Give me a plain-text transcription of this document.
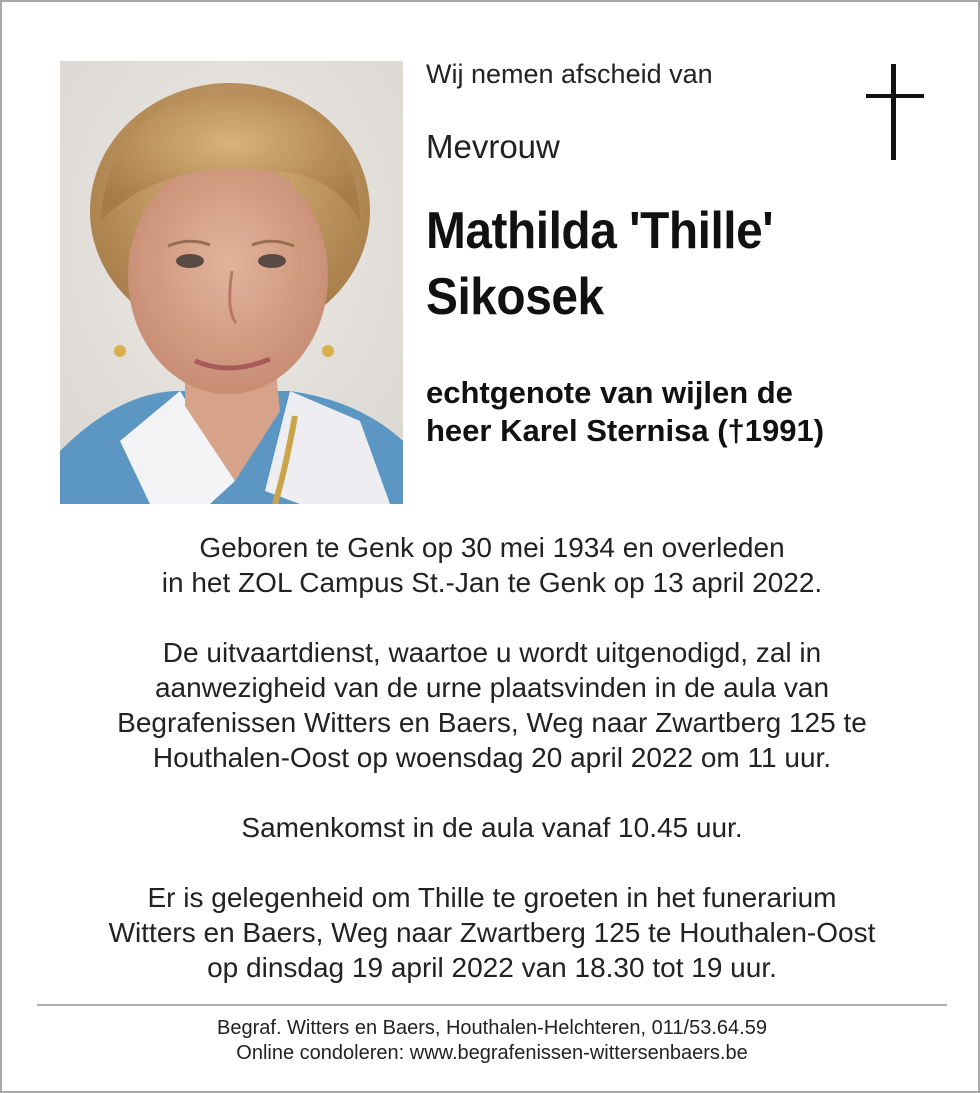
Wij nemen afscheid van
Mevrouw
Mathilda 'Thille'
Sikosek
echtgenote van wijlen de
heer Karel Sternisa (†1991)

Geboren te Genk op 30 mei 1934 en overleden
in het ZOL Campus St.-Jan te Genk op 13 april 2022.

De uitvaartdienst, waartoe u wordt uitgenodigd, zal in
aanwezigheid van de urne plaatsvinden in de aula van
Begrafenissen Witters en Baers, Weg naar Zwartberg 125 te
Houthalen-Oost op woensdag 20 april 2022 om 11 uur.

Samenkomst in de aula vanaf 10.45 uur.

Er is gelegenheid om Thille te groeten in het funerarium
Witters en Baers, Weg naar Zwartberg 125 te Houthalen-Oost
op dinsdag 19 april 2022 van 18.30 tot 19 uur.

Begraf. Witters en Baers, Houthalen-Helchteren, 011/53.64.59
Online condoleren: www.begrafenissen-wittersenbaers.be
